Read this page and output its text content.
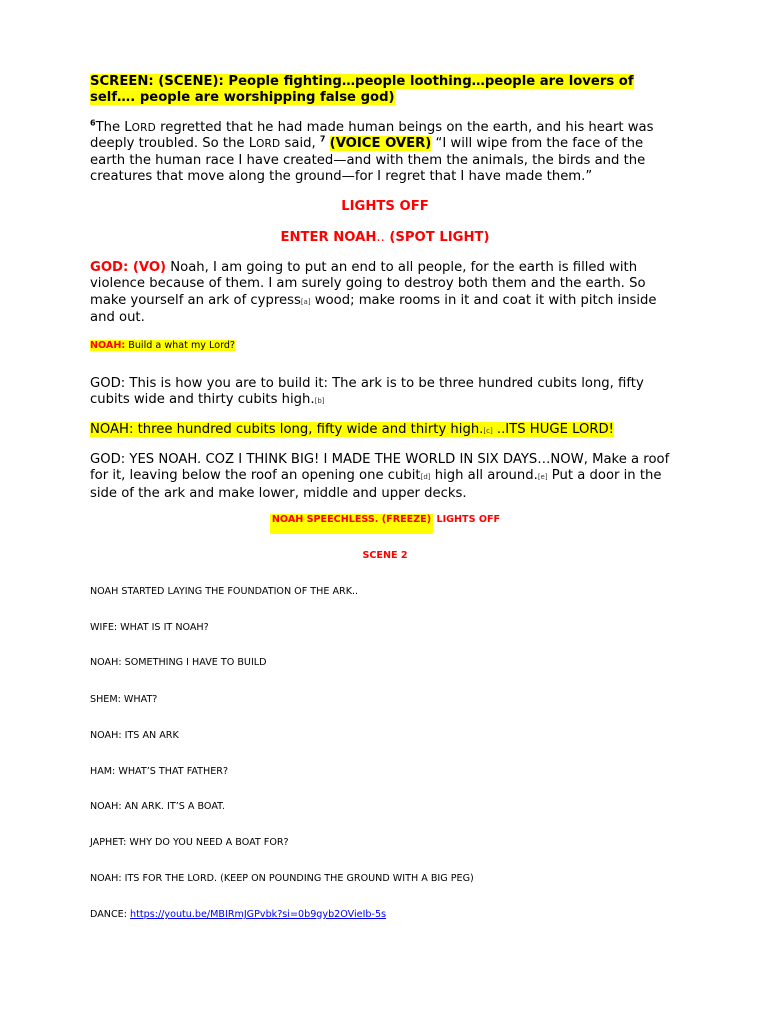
SCREEN: (SCENE): People fighting…people loothing…people are lovers of self…. people are worshipping false god)
$^6$The LORD regretted that he had made human beings on the earth, and his heart was deeply troubled. So the LORD said, $^7$ (VOICE OVER) “I will wipe from the face of the earth the human race I have created—and with them the animals, the birds and the creatures that move along the ground—for I regret that I have made them.”
LIGHTS OFF
ENTER NOAH.. (SPOT LIGHT)
GOD: (VO) Noah, I am going to put an end to all people, for the earth is filled with violence because of them. I am surely going to destroy both them and the earth. So make yourself an ark of cypress[a] wood; make rooms in it and coat it with pitch inside and out.
NOAH: Build a what my Lord?
GOD: This is how you are to build it: The ark is to be three hundred cubits long, fifty cubits wide and thirty cubits high.[b]
NOAH: three hundred cubits long, fifty wide and thirty high.[c] ..ITS HUGE LORD!
GOD: YES NOAH. COZ I THINK BIG! I MADE THE WORLD IN SIX DAYS…NOW, Make a roof for it, leaving below the roof an opening one cubit[d] high all around.[e] Put a door in the side of the ark and make lower, middle and upper decks.
NOAH SPEECHLESS. (FREEZE) LIGHTS OFF
SCENE 2
NOAH STARTED LAYING THE FOUNDATION OF THE ARK..
WIFE: WHAT IS IT NOAH?
NOAH: SOMETHING I HAVE TO BUILD
SHEM: WHAT?
NOAH: ITS AN ARK
HAM: WHAT’S THAT FATHER?
NOAH: AN ARK. IT’S A BOAT.
JAPHET: WHY DO YOU NEED A BOAT FOR?
NOAH: ITS FOR THE LORD. (KEEP ON POUNDING THE GROUND WITH A BIG PEG)
DANCE: https://youtu.be/MBIRmJGPvbk?si=0b9gyb2OVieIb-5s
